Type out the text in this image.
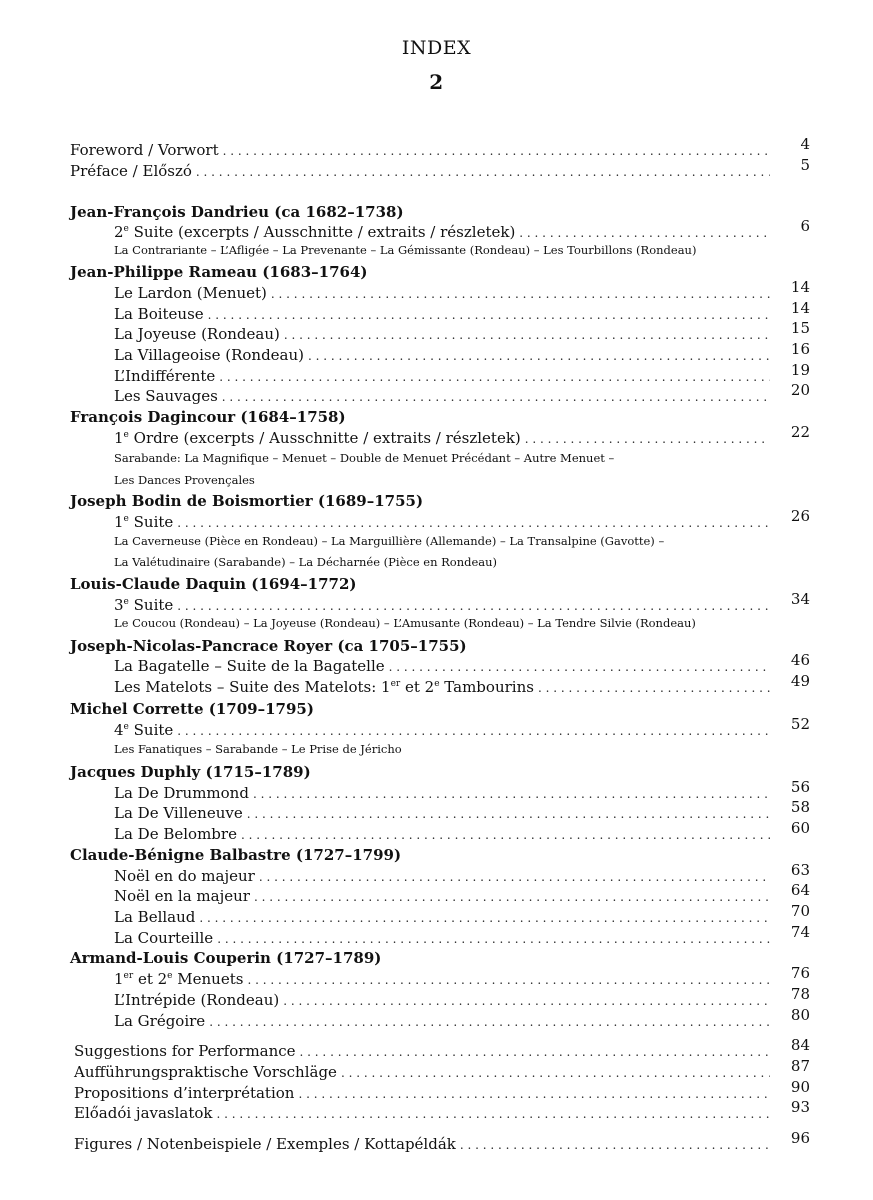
INDEX
2
Foreword / Vorwort . . .	4
Préface / Előszó . . .	5
Jean-François Dandrieu (ca 1682–1738)
2e Suite (excerpts / Ausschnitte / extraits / részletek) . . .	6
La Contrariante – L’Afligée – La Prevenante – La Gémissante (Rondeau) – Les Tourbillons (Rondeau)
Jean-Philippe Rameau (1683–1764)
Le Lardon (Menuet) . . .	14
La Boiteuse . . .	14
La Joyeuse (Rondeau) . . .	15
La Villageoise (Rondeau) . . .	16
L’Indifférente . . .	19
Les Sauvages . . .	20
François Dagincour (1684–1758)
1e Ordre (excerpts / Ausschnitte / extraits / részletek) . . .	22
Sarabande: La Magnifique – Menuet – Double de Menuet Précédant – Autre Menuet –
Les Dances Provençales
Joseph Bodin de Boismortier (1689–1755)
1e Suite . . .	26
La Caverneuse (Pièce en Rondeau) – La Marguillière (Allemande) – La Transalpine (Gavotte) –
La Valétudinaire (Sarabande) – La Décharnée (Pièce en Rondeau)
Louis-Claude Daquin (1694–1772)
3e Suite . . .	34
Le Coucou (Rondeau) – La Joyeuse (Rondeau) – L’Amusante (Rondeau) – La Tendre Silvie (Rondeau)
Joseph-Nicolas-Pancrace Royer (ca 1705–1755)
La Bagatelle – Suite de la Bagatelle . . .	46
Les Matelots – Suite des Matelots: 1er et 2e Tambourins . . .	49
Michel Corrette (1709–1795)
4e Suite . . .	52
Les Fanatiques – Sarabande – Le Prise de Jéricho
Jacques Duphly (1715–1789)
La De Drummond . . .	56
La De Villeneuve . . .	58
La De Belombre . . .	60
Claude-Bénigne Balbastre (1727–1799)
Noël en do majeur . . .	63
Noël en la majeur . . .	64
La Bellaud . . .	70
La Courteille . . .	74
Armand-Louis Couperin (1727–1789)
1er et 2e Menuets . . .	76
L’Intrépide (Rondeau) . . .	78
La Grégoire . . .	80
Suggestions for Performance . . .	84
Aufführungspraktische Vorschläge . . .	87
Propositions d’interprétation . . .	90
Előadói javaslatok . . .	93
Figures / Notenbeispiele / Exemples / Kottapéldák . . .	96
